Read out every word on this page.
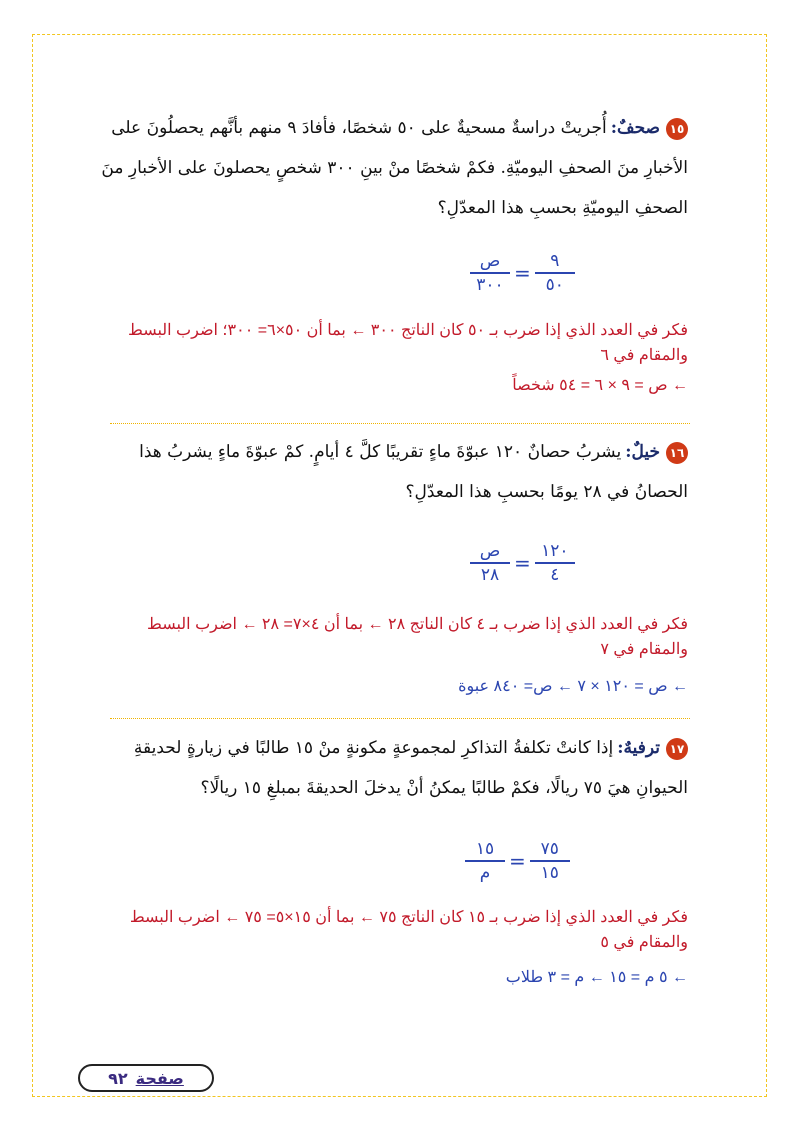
١٥صحفٌ:أُجريتْ دراسةٌ مسحيةٌ على ٥٠ شخصًا، فأفادَ ٩ منهم بأنَّهم يحصلُونَ على الأخبارِ منَ الصحفِ اليوميّةِ. فكمْ شخصًا منْ بينِ ٣٠٠ شخصٍ يحصلونَ على الأخبارِ منَ الصحفِ اليوميّةِ بحسبِ هذا المعدّلِ؟
ص
٣٠٠ = ٩
٥٠
فكر في العدد الذي إذا ضرب بـ ٥٠ كان الناتج ٣٠٠ ← بما أن ٥٠×٦= ٣٠٠؛ اضرب البسط والمقام في ٦
← ص = ٩ × ٦ = ٥٤ شخصاً
١٦خيلٌ:يشربُ حصانٌ ١٢٠ عبوّةَ ماءٍ تقريبًا كلَّ ٤ أيامٍ. كمْ عبوّةَ ماءٍ يشربُ هذا الحصانُ في ٢٨ يومًا بحسبِ هذا المعدّلِ؟
ص
٢٨ = ١٢٠
٤
فكر في العدد الذي إذا ضرب بـ ٤ كان الناتج ٢٨ ← بما أن ٤×٧= ٢٨ ← اضرب البسط والمقام في ٧
← ص = ١٢٠ × ٧ ← ص= ٨٤٠ عبوة
١٧ترفيهٌ:إذا كانتْ تكلفةُ التذاكرِ لمجموعةٍ مكونةٍ منْ ١٥ طالبًا في زيارةٍ لحديقةِ الحيوانِ هيَ ٧٥ ريالًا، فكمْ طالبًا يمكنُ أنْ يدخلَ الحديقةَ بمبلغِ ١٥ ريالًا؟
١٥
م = ٧٥
١٥
فكر في العدد الذي إذا ضرب بـ ١٥ كان الناتج ٧٥ ← بما أن ١٥×٥= ٧٥ ← اضرب البسط والمقام في ٥
← ٥ م = ١٥ ← م = ٣ طلاب
صفحة
٩٢
